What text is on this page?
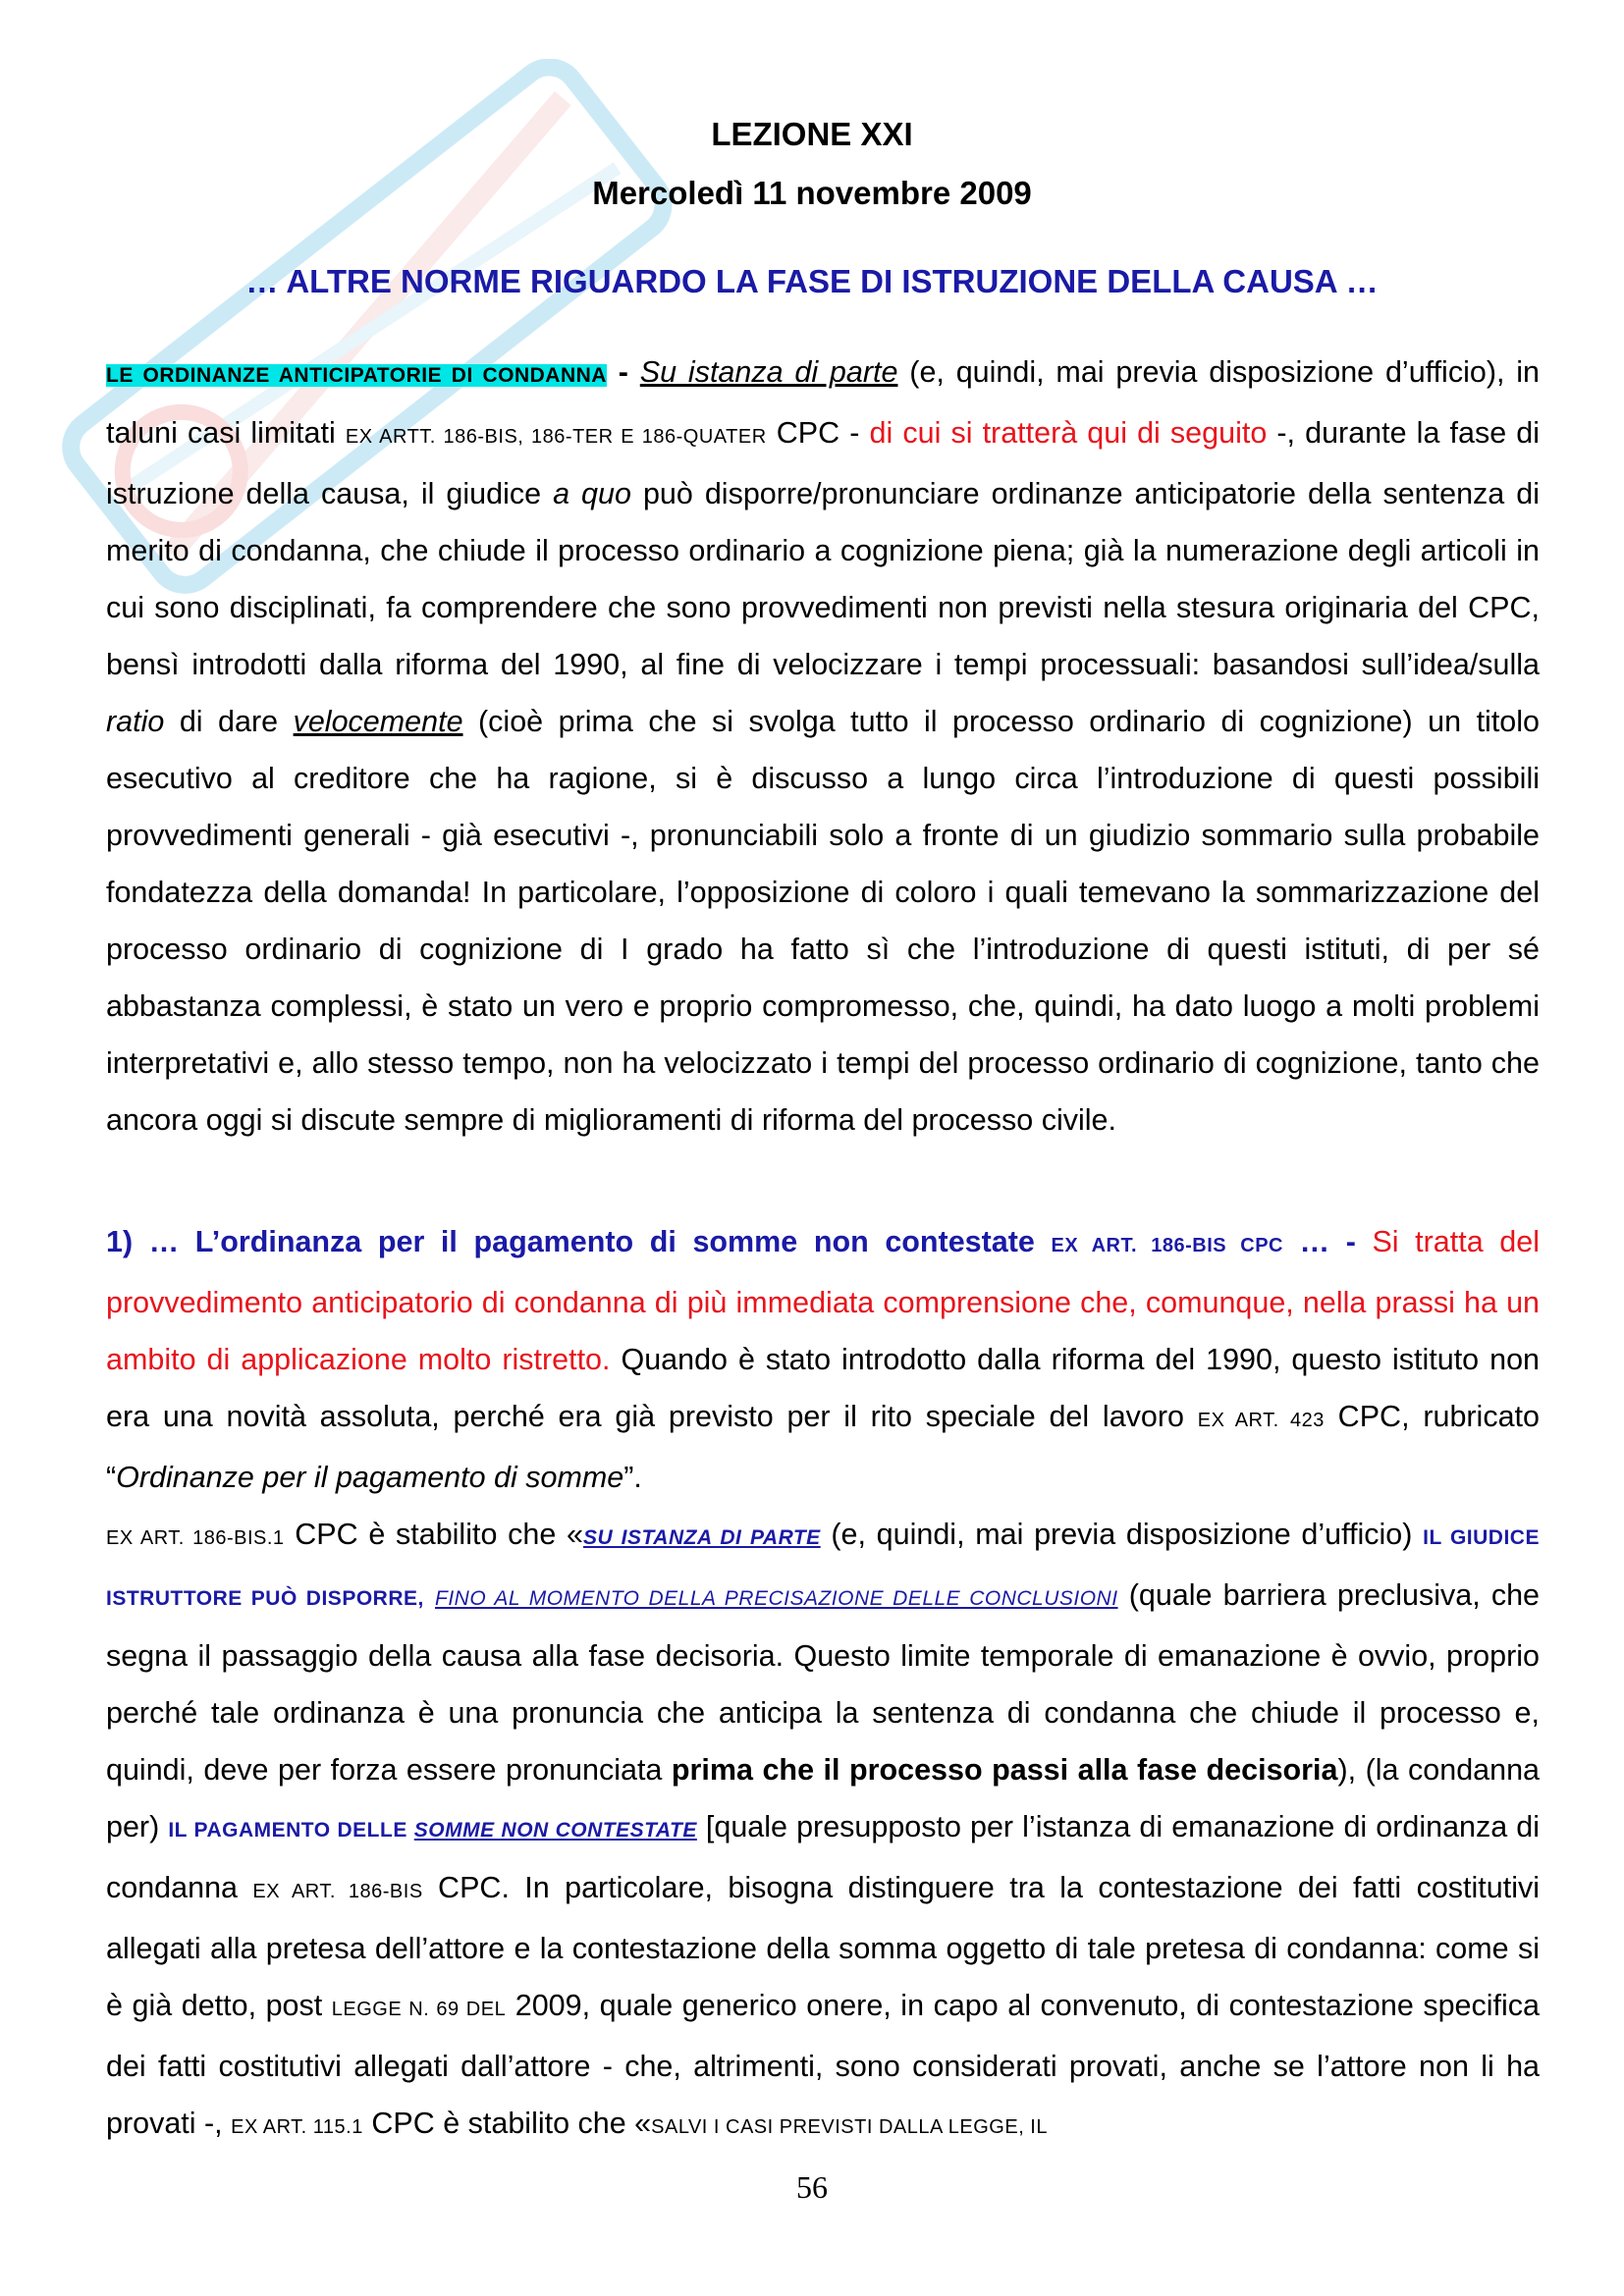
LEZIONE XXI
Mercoledì 11 novembre 2009
… ALTRE NORME RIGUARDO LA FASE DI ISTRUZIONE DELLA CAUSA …
LE ORDINANZE ANTICIPATORIE DI CONDANNA - Su istanza di parte (e, quindi, mai previa disposizione d’ufficio), in taluni casi limitati EX ARTT. 186-BIS, 186-TER E 186-QUATER CPC - di cui si tratterà qui di seguito -, durante la fase di istruzione della causa, il giudice a quo può disporre/pronunciare ordinanze anticipatorie della sentenza di merito di condanna, che chiude il processo ordinario a cognizione piena; già la numerazione degli articoli in cui sono disciplinati, fa comprendere che sono provvedimenti non previsti nella stesura originaria del CPC, bensì introdotti dalla riforma del 1990, al fine di velocizzare i tempi processuali: basandosi sull’idea/sulla ratio di dare velocemente (cioè prima che si svolga tutto il processo ordinario di cognizione) un titolo esecutivo al creditore che ha ragione, si è discusso a lungo circa l’introduzione di questi possibili provvedimenti generali - già esecutivi -, pronunciabili solo a fronte di un giudizio sommario sulla probabile fondatezza della domanda! In particolare, l’opposizione di coloro i quali temevano la sommarizzazione del processo ordinario di cognizione di I grado ha fatto sì che l’introduzione di questi istituti, di per sé abbastanza complessi, è stato un vero e proprio compromesso, che, quindi, ha dato luogo a molti problemi interpretativi e, allo stesso tempo, non ha velocizzato i tempi del processo ordinario di cognizione, tanto che ancora oggi si discute sempre di miglioramenti di riforma del processo civile.
1) … L’ordinanza per il pagamento di somme non contestate EX ART. 186-BIS CPC … - Si tratta del provvedimento anticipatorio di condanna di più immediata comprensione che, comunque, nella prassi ha un ambito di applicazione molto ristretto. Quando è stato introdotto dalla riforma del 1990, questo istituto non era una novità assoluta, perché era già previsto per il rito speciale del lavoro EX ART. 423 CPC, rubricato “Ordinanze per il pagamento di somme”.
EX ART. 186-BIS.1 CPC è stabilito che «SU ISTANZA DI PARTE (e, quindi, mai previa disposizione d’ufficio) IL GIUDICE ISTRUTTORE PUÒ DISPORRE, FINO AL MOMENTO DELLA PRECISAZIONE DELLE CONCLUSIONI (quale barriera preclusiva, che segna il passaggio della causa alla fase decisoria. Questo limite temporale di emanazione è ovvio, proprio perché tale ordinanza è una pronuncia che anticipa la sentenza di condanna che chiude il processo e, quindi, deve per forza essere pronunciata prima che il processo passi alla fase decisoria), (la condanna per) IL PAGAMENTO DELLE SOMME NON CONTESTATE [quale presupposto per l’istanza di emanazione di ordinanza di condanna EX ART. 186-BIS CPC. In particolare, bisogna distinguere tra la contestazione dei fatti costitutivi allegati alla pretesa dell’attore e la contestazione della somma oggetto di tale pretesa di condanna: come si è già detto, post LEGGE N. 69 DEL 2009, quale generico onere, in capo al convenuto, di contestazione specifica dei fatti costitutivi allegati dall’attore - che, altrimenti, sono considerati provati, anche se l’attore non li ha provati -, EX ART. 115.1 CPC è stabilito che «SALVI I CASI PREVISTI DALLA LEGGE, IL
56
